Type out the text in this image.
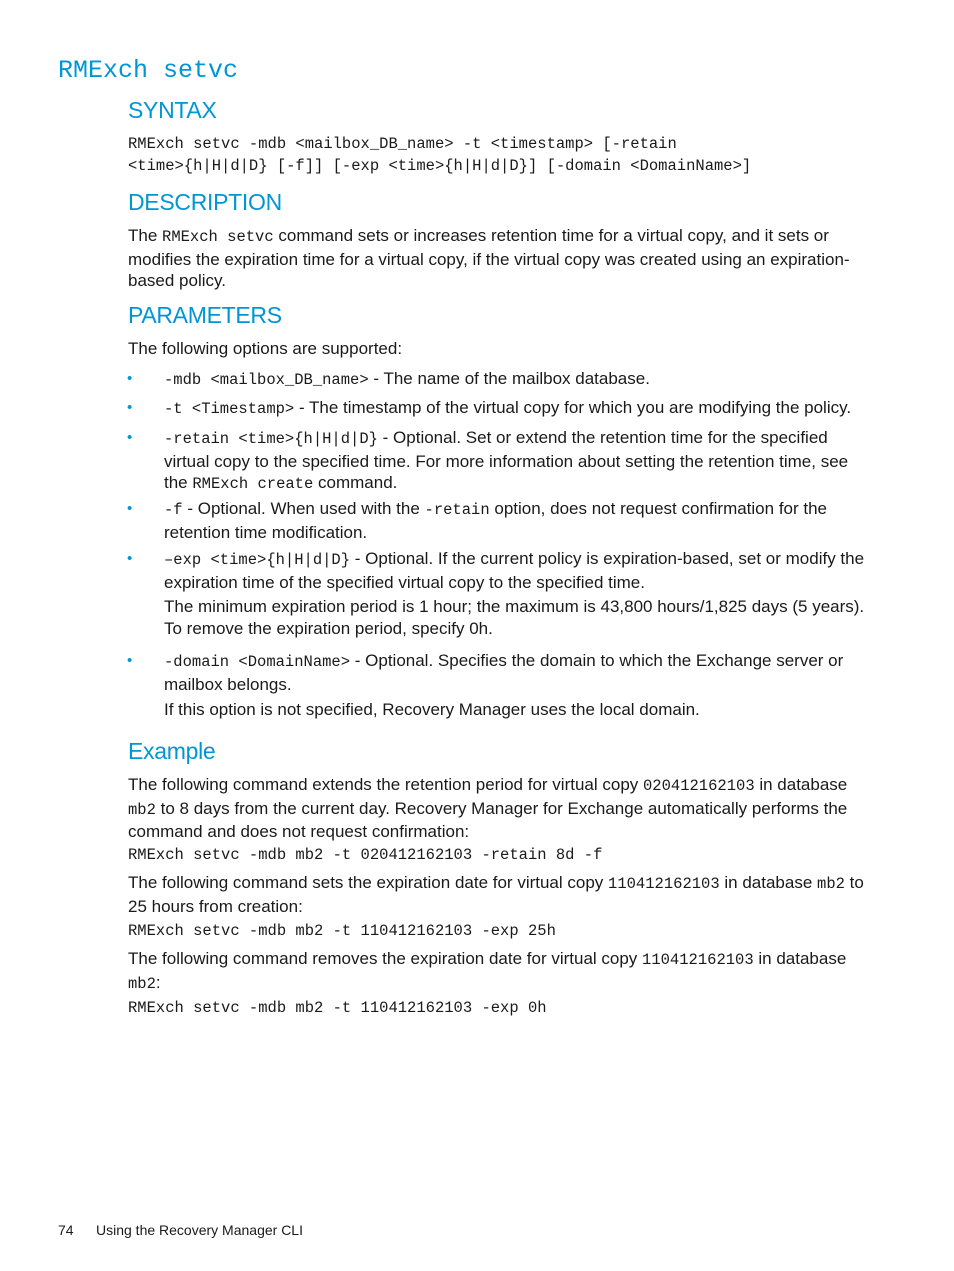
RMExch setvc
SYNTAX
RMExch setvc -mdb <mailbox_DB_name> -t <timestamp> [-retain
<time>{h|H|d|D} [-f]] [-exp <time>{h|H|d|D}] [-domain <DomainName>]
DESCRIPTION

The RMExch setvc command sets or increases retention time for a virtual copy, and it sets or modifies the expiration time for a virtual copy, if the virtual copy was created using an expiration-based policy.

PARAMETERS

The following options are supported:

• -mdb <mailbox_DB_name> - The name of the mailbox database.

• -t <Timestamp> - The timestamp of the virtual copy for which you are modifying the policy.

• -retain <time>{h|H|d|D} - Optional. Set or extend the retention time for the specified virtual copy to the specified time. For more information about setting the retention time, see the RMExch create command.

• -f - Optional. When used with the -retain option, does not request confirmation for the retention time modification.

• –exp <time>{h|H|d|D} - Optional. If the current policy is expiration-based, set or modify the expiration time of the specified virtual copy to the specified time.

The minimum expiration period is 1 hour; the maximum is 43,800 hours/1,825 days (5 years). To remove the expiration period, specify 0h.

• -domain <DomainName> - Optional. Specifies the domain to which the Exchange server or mailbox belongs.

If this option is not specified, Recovery Manager uses the local domain.

Example

The following command extends the retention period for virtual copy 020412162103 in database mb2 to 8 days from the current day. Recovery Manager for Exchange automatically performs the command and does not request confirmation:

RMExch setvc -mdb mb2 -t 020412162103 -retain 8d -f

The following command sets the expiration date for virtual copy 110412162103 in database mb2 to 25 hours from creation:

RMExch setvc -mdb mb2 -t 110412162103 -exp 25h

The following command removes the expiration date for virtual copy 110412162103 in database mb2:

RMExch setvc -mdb mb2 -t 110412162103 -exp 0h
74 Using the Recovery Manager CLI
